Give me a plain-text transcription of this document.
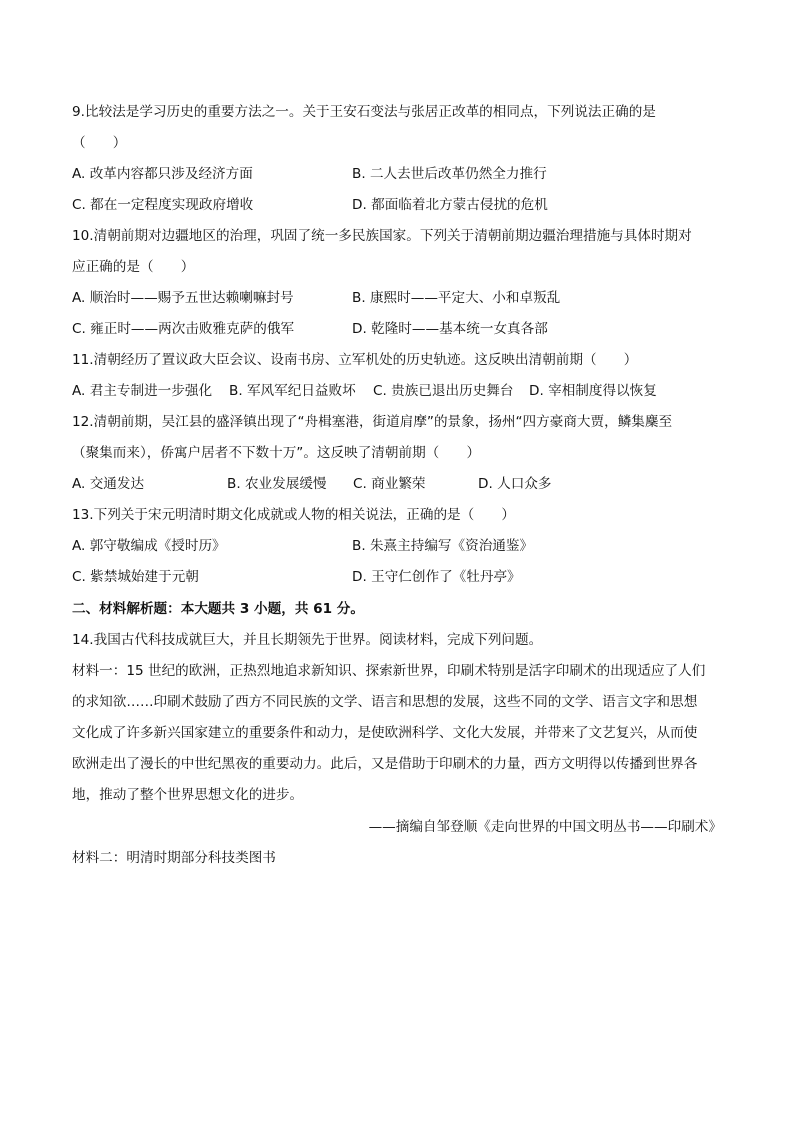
9.比较法是学习历史的重要方法之一。关于王安石变法与张居正改革的相同点，下列说法正确的是
（　　）
A. 改革内容都只涉及经济方面	B. 二人去世后改革仍然全力推行
C. 都在一定程度实现政府增收	D. 都面临着北方蒙古侵扰的危机
10.清朝前期对边疆地区的治理，巩固了统一多民族国家。下列关于清朝前期边疆治理措施与具体时期对
应正确的是（　　）
A. 顺治时——赐予五世达赖喇嘛封号	B. 康熙时——平定大、小和卓叛乱
C. 雍正时——两次击败雅克萨的俄军	D. 乾隆时——基本统一女真各部
11.清朝经历了置议政大臣会议、设南书房、立军机处的历史轨迹。这反映出清朝前期（　　）
A. 君主专制进一步强化 B. 军风军纪日益败坏 C. 贵族已退出历史舞台 D. 宰相制度得以恢复
12.清朝前期，吴江县的盛泽镇出现了“舟楫塞港，街道肩摩”的景象，扬州“四方豪商大贾，鳞集麇至
（聚集而来），侨寓户居者不下数十万”。这反映了清朝前期（　　）
A. 交通发达	B. 农业发展缓慢 C. 商业繁荣	D. 人口众多
13.下列关于宋元明清时期文化成就或人物的相关说法，正确的是（　　）
A. 郭守敬编成《授时历》	B. 朱熹主持编写《资治通鉴》
C. 紫禁城始建于元朝	D. 王守仁创作了《牡丹亭》
二、材料解析题：本大题共 3 小题，共 61 分。
14.我国古代科技成就巨大，并且长期领先于世界。阅读材料，完成下列问题。
材料一：15 世纪的欧洲，正热烈地追求新知识、探索新世界，印刷术特别是活字印刷术的出现适应了人们
的求知欲……印刷术鼓励了西方不同民族的文学、语言和思想的发展，这些不同的文学、语言文字和思想
文化成了许多新兴国家建立的重要条件和动力，是使欧洲科学、文化大发展，并带来了文艺复兴，从而使
欧洲走出了漫长的中世纪黑夜的重要动力。此后，又是借助于印刷术的力量，西方文明得以传播到世界各
地，推动了整个世界思想文化的进步。
——摘编自邹登顺《走向世界的中国文明丛书——印刷术》
材料二：明清时期部分科技类图书
